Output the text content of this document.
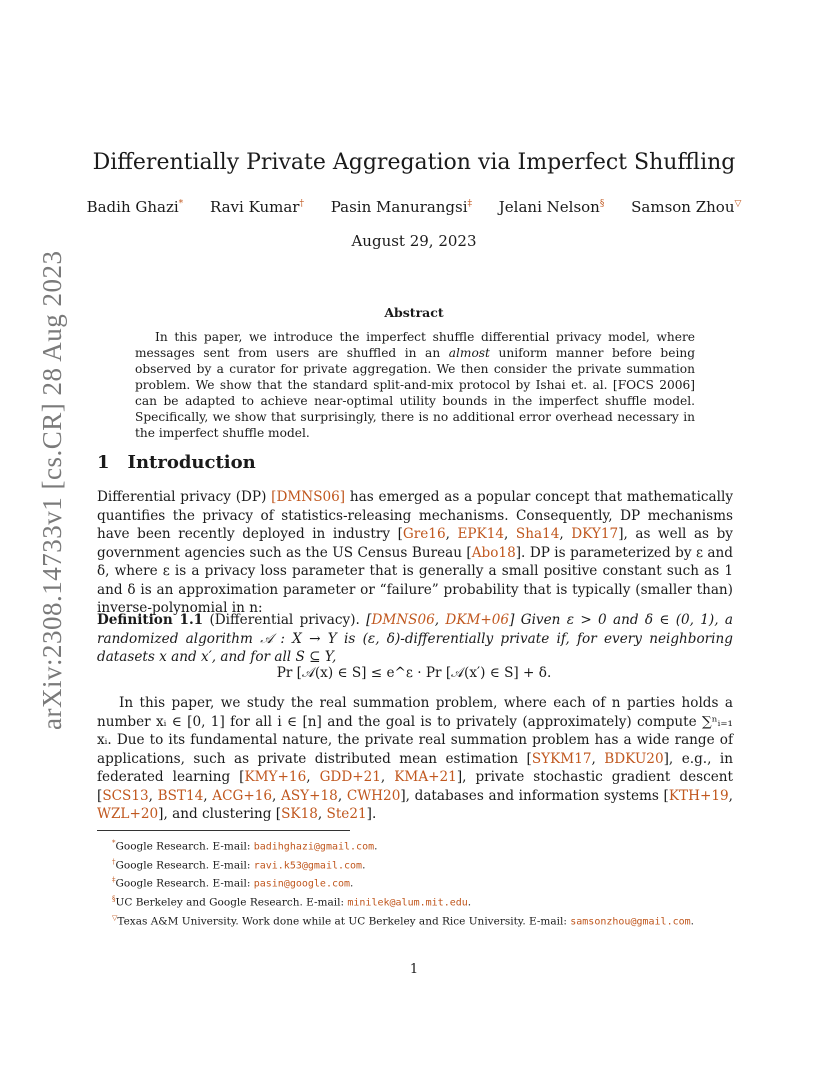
arXiv:2308.14733v1 [cs.CR] 28 Aug 2023
Differentially Private Aggregation via Imperfect Shuffling
Badih Ghazi* Ravi Kumar† Pasin Manurangsi‡ Jelani Nelson§ Samson Zhou▽
August 29, 2023
Abstract
In this paper, we introduce the imperfect shuffle differential privacy model, where messages sent from users are shuffled in an almost uniform manner before being observed by a curator for private aggregation. We then consider the private summation problem. We show that the standard split-and-mix protocol by Ishai et. al. [FOCS 2006] can be adapted to achieve near-optimal utility bounds in the imperfect shuffle model. Specifically, we show that surprisingly, there is no additional error overhead necessary in the imperfect shuffle model.
1 Introduction
Differential privacy (DP) [DMNS06] has emerged as a popular concept that mathematically quantifies the privacy of statistics-releasing mechanisms. Consequently, DP mechanisms have been recently deployed in industry [Gre16, EPK14, Sha14, DKY17], as well as by government agencies such as the US Census Bureau [Abo18]. DP is parameterized by ε and δ, where ε is a privacy loss parameter that is generally a small positive constant such as 1 and δ is an approximation parameter or “failure” probability that is typically (smaller than) inverse-polynomial in n:
Definition 1.1 (Differential privacy). [DMNS06, DKM+06] Given ε > 0 and δ ∈ (0, 1), a randomized algorithm 𝒜 : X → Y is (ε, δ)-differentially private if, for every neighboring datasets x and x′, and for all S ⊆ Y,
Pr [𝒜(x) ∈ S] ≤ e^ε · Pr [𝒜(x′) ∈ S] + δ.
In this paper, we study the real summation problem, where each of n parties holds a number xᵢ ∈ [0, 1] for all i ∈ [n] and the goal is to privately (approximately) compute ∑ⁿᵢ₌₁ xᵢ. Due to its fundamental nature, the private real summation problem has a wide range of applications, such as private distributed mean estimation [SYKM17, BDKU20], e.g., in federated learning [KMY+16, GDD+21, KMA+21], private stochastic gradient descent [SCS13, BST14, ACG+16, ASY+18, CWH20], databases and information systems [KTH+19, WZL+20], and clustering [SK18, Ste21].
*Google Research. E-mail: badihghazi@gmail.com.
†Google Research. E-mail: ravi.k53@gmail.com.
‡Google Research. E-mail: pasin@google.com.
§UC Berkeley and Google Research. E-mail: minilek@alum.mit.edu.
▽Texas A&M University. Work done while at UC Berkeley and Rice University. E-mail: samsonzhou@gmail.com.
1
